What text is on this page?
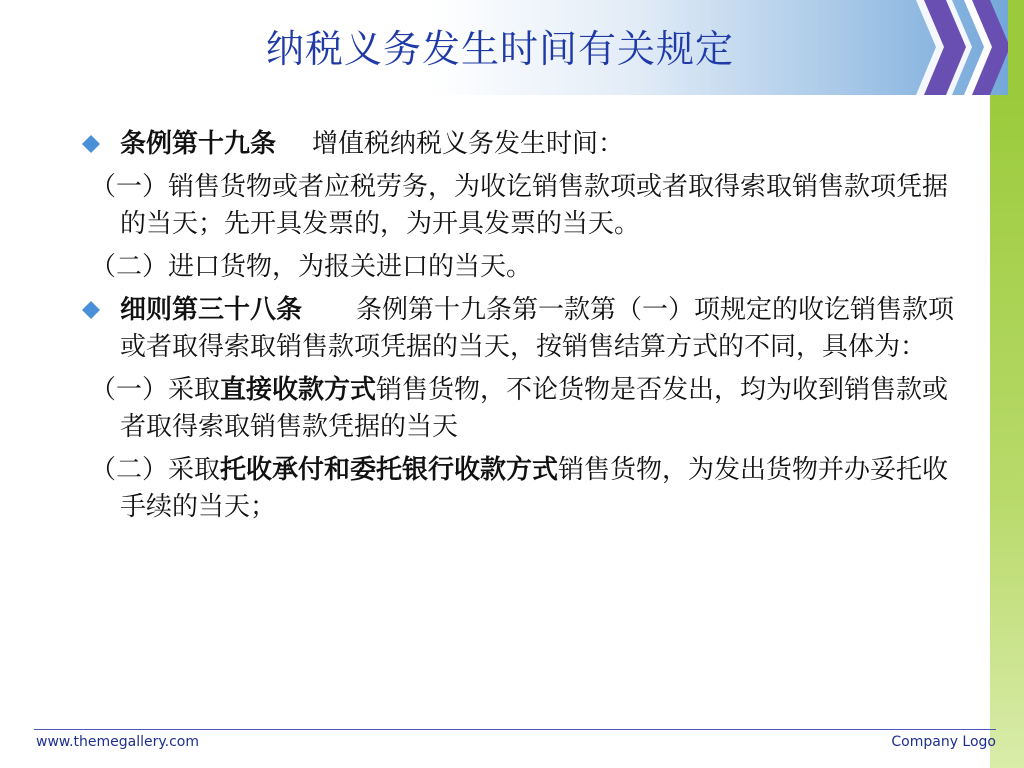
纳税义务发生时间有关规定
条例第十九条 增值税纳税义务发生时间：
（一）销售货物或者应税劳务，为收讫销售款项或者取得索取销售款项凭据的当天；先开具发票的，为开具发票的当天。
（二）进口货物，为报关进口的当天。
细则第三十八条 条例第十九条第一款第（一）项规定的收讫销售款项或者取得索取销售款项凭据的当天，按销售结算方式的不同，具体为：
（一）采取直接收款方式销售货物，不论货物是否发出，均为收到销售款或者取得索取销售款凭据的当天
（二）采取托收承付和委托银行收款方式销售货物，为发出货物并办妥托收手续的当天；
www.themegallery.com	Company Logo
